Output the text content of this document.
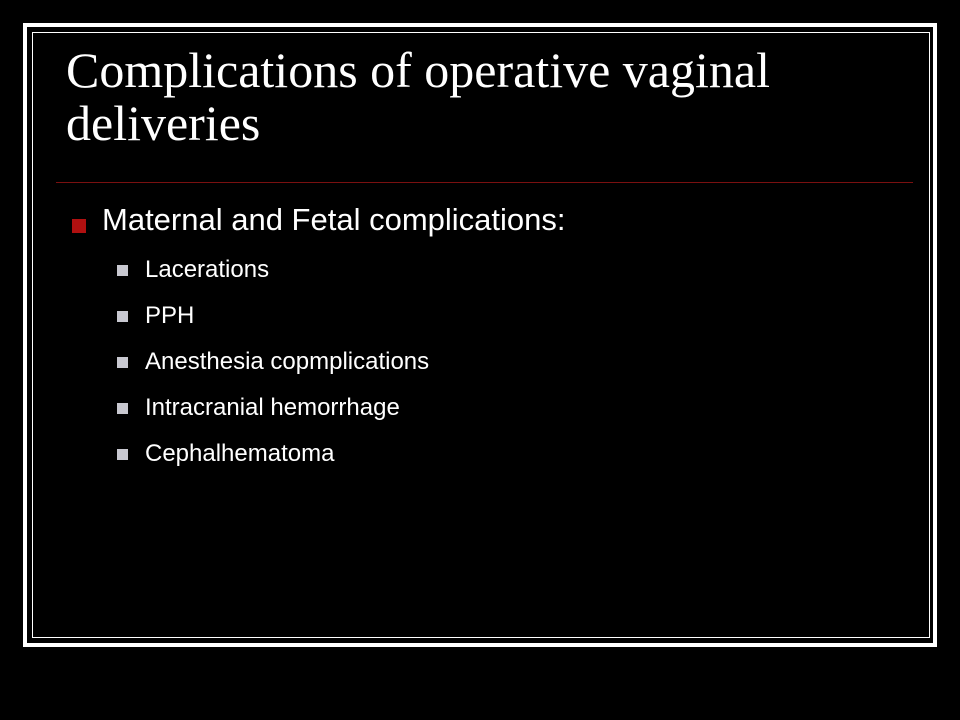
Complications of operative vaginal deliveries
Maternal and Fetal complications:
Lacerations
PPH
Anesthesia copmplications
Intracranial hemorrhage
Cephalhematoma
